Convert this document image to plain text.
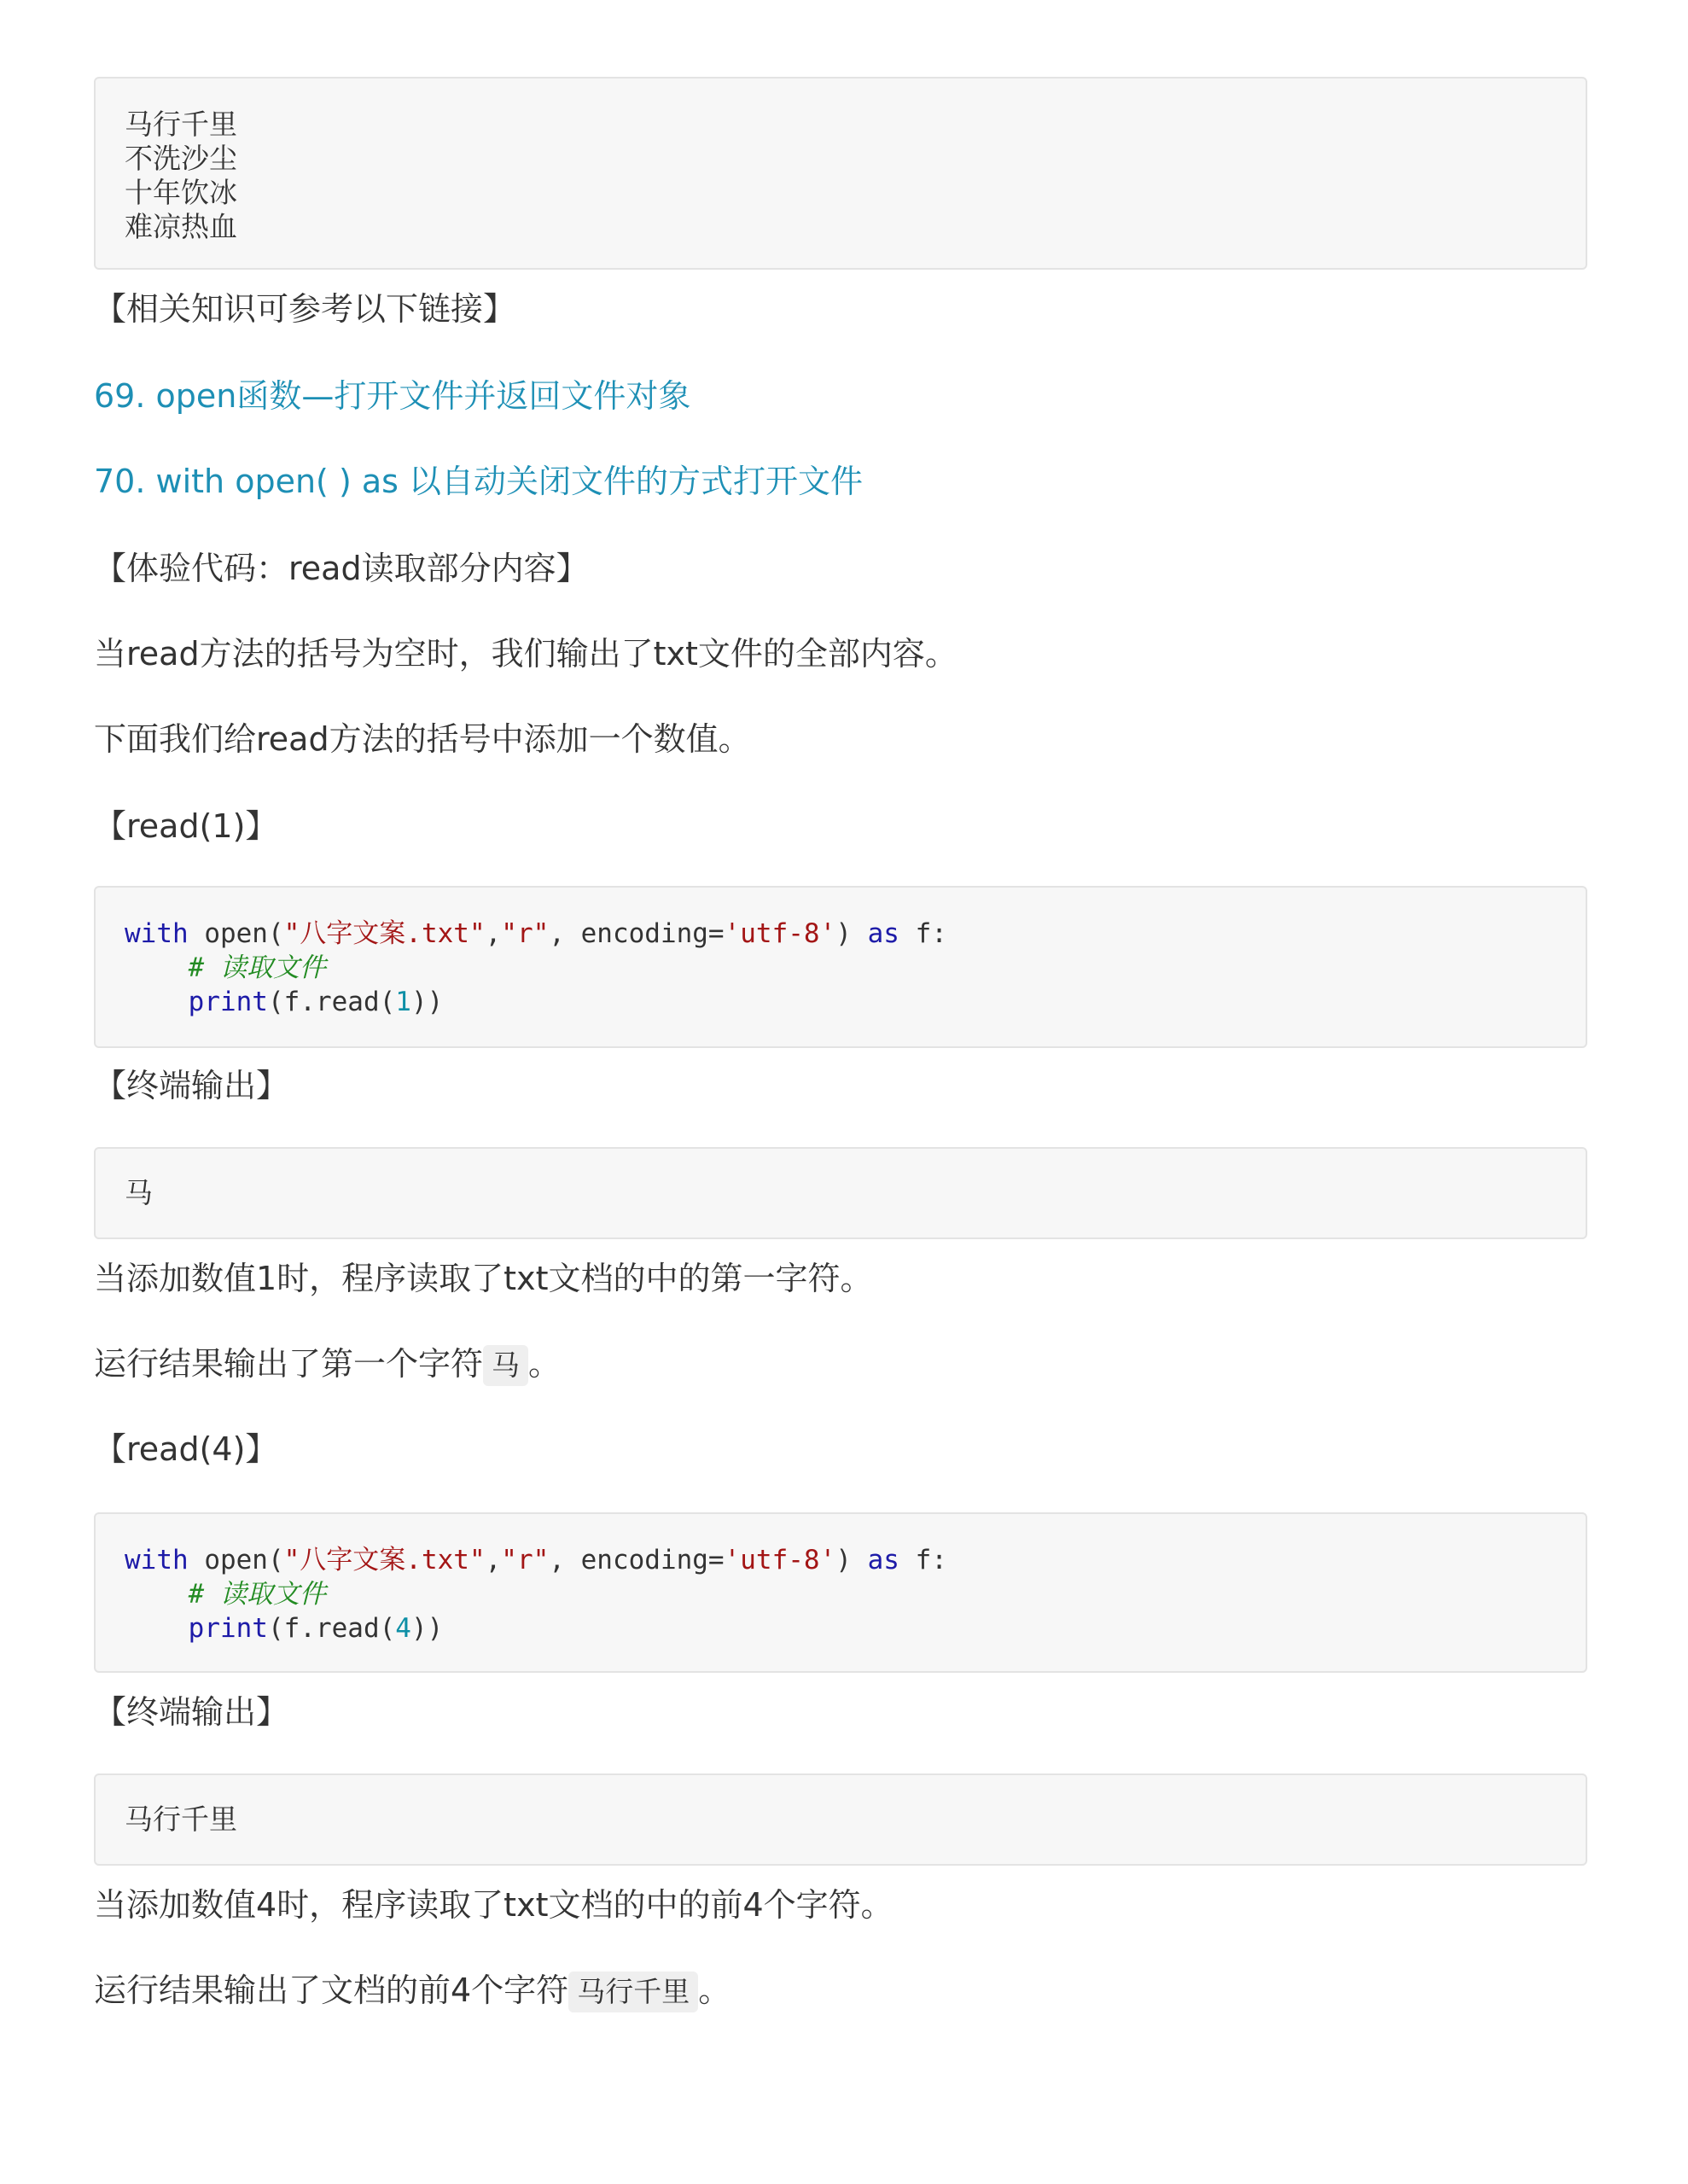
马行千里
不洗沙尘
十年饮冰
难凉热血
【相关知识可参考以下链接】
69. open函数—打开文件并返回文件对象
70. with open( ) as 以自动关闭文件的方式打开文件
【体验代码：read读取部分内容】
当read方法的括号为空时，我们输出了txt文件的全部内容。
下面我们给read方法的括号中添加一个数值。
【read(1)】
with open("八字文案.txt","r", encoding='utf-8') as f:
# 读取文件
print(f.read(1))
【终端输出】
马
当添加数值1时，程序读取了txt文档的中的第一字符。
运行结果输出了第一个字符 马 。
【read(4)】
with open("八字文案.txt","r", encoding='utf-8') as f:
# 读取文件
print(f.read(4))
【终端输出】
马行千里
当添加数值4时，程序读取了txt文档的中的前4个字符。
运行结果输出了文档的前4个字符 马行千里 。
